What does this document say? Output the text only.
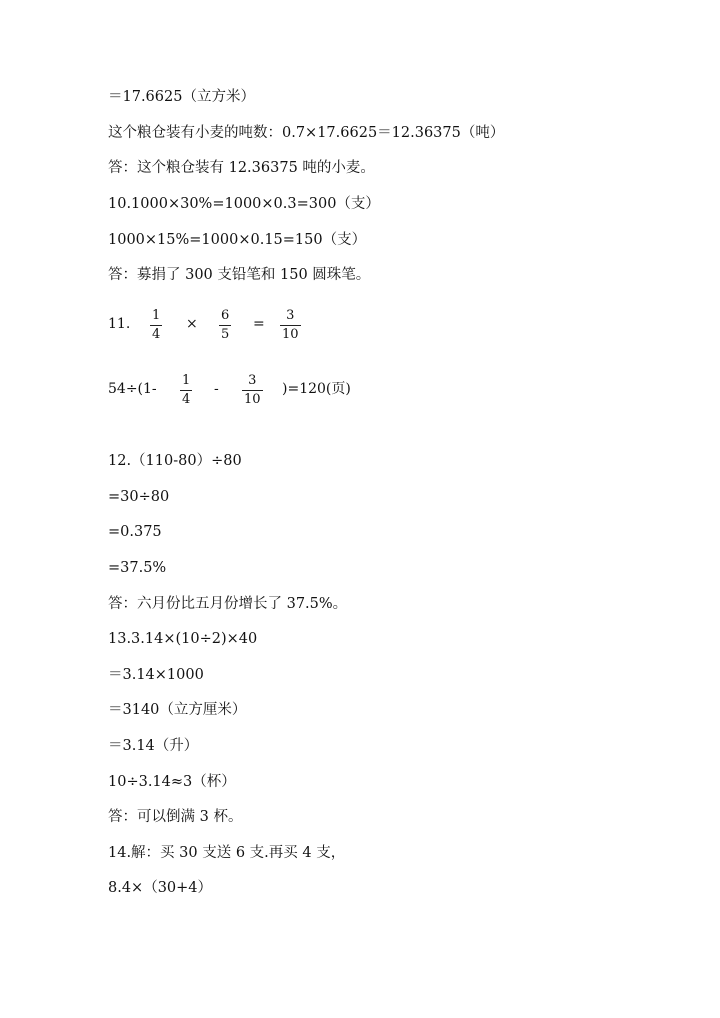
＝17.6625（立方米）
这个粮仓装有小麦的吨数：0.7×17.6625＝12.36375（吨）
答：这个粮仓装有 12.36375 吨的小麦。
10.1000×30%=1000×0.3=300（支）
1000×15%=1000×0.15=150（支）
答：募捐了 300 支铅笔和 150 圆珠笔。
11.
1
4
×
6
5
=
3
10
54÷(1-
1
4
-
3
10
)=120(页)
12.（110-80）÷80
=30÷80
=0.375
=37.5%
答：六月份比五月份增长了 37.5%。
13.3.14×(10÷2)×40
＝3.14×1000
＝3140（立方厘米）
＝3.14（升）
10÷3.14≈3（杯）
答：可以倒满 3 杯。
14.解：买 30 支送 6 支.再买 4 支，
8.4×（30+4）
